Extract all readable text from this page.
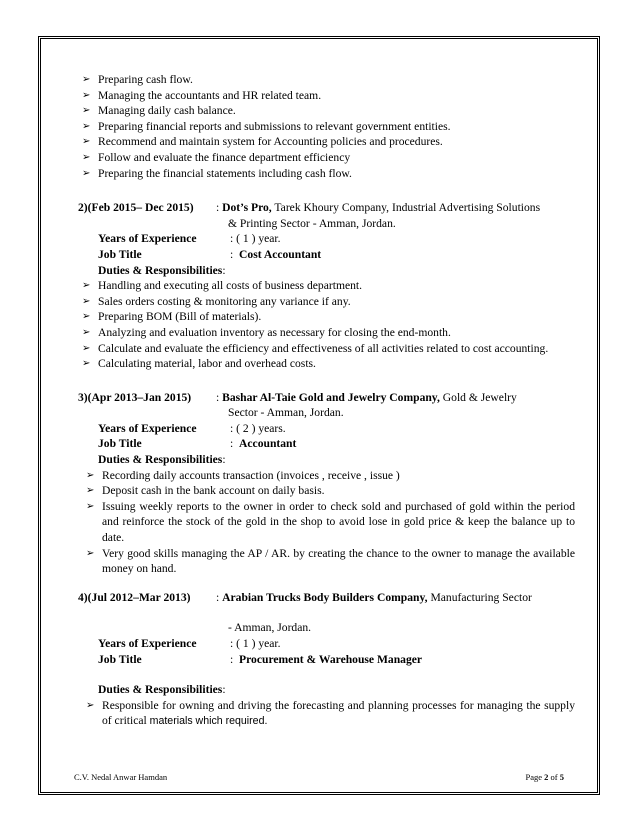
➢ Preparing cash flow.
➢ Managing the accountants and HR related team.
➢ Managing daily cash balance.
➢ Preparing financial reports and submissions to relevant government entities.
➢ Recommend and maintain system for Accounting policies and procedures.
➢ Follow and evaluate the finance department efficiency
➢ Preparing the financial statements including cash flow.
2)(Feb 2015– Dec 2015)	: Dot’s Pro, Tarek Khoury Company, Industrial Advertising Solutions
& Printing Sector - Amman, Jordan.
Years of Experience	: ( 1 ) year.
Job Title	: Cost Accountant
Duties & Responsibilities:
➢ Handling and executing all costs of business department.
➢ Sales orders costing & monitoring any variance if any.
➢ Preparing BOM (Bill of materials).
➢ Analyzing and evaluation inventory as necessary for closing the end-month.
➢ Calculate and evaluate the efficiency and effectiveness of all activities related to cost accounting.
➢ Calculating material, labor and overhead costs.
3)(Apr 2013–Jan 2015)	: Bashar Al-Taie Gold and Jewelry Company, Gold & Jewelry
Sector - Amman, Jordan.
Years of Experience	: ( 2 ) years.
Job Title	: Accountant
Duties & Responsibilities:
➢ Recording daily accounts transaction (invoices , receive , issue )
➢ Deposit cash in the bank account on daily basis.
➢ Issuing weekly reports to the owner in order to check sold and purchased of gold within the period and reinforce the stock of the gold in the shop to avoid lose in gold price & keep the balance up to date.
➢ Very good skills managing the AP / AR. by creating the chance to the owner to manage the available money on hand.
4)(Jul 2012–Mar 2013)	: Arabian Trucks Body Builders Company, Manufacturing Sector
- Amman, Jordan.
Years of Experience	: ( 1 ) year.
Job Title	: Procurement & Warehouse Manager
Duties & Responsibilities:
➢ Responsible for owning and driving the forecasting and planning processes for managing the supply of critical materials which required.
C.V. Nedal Anwar Hamdan	Page 2 of 5
